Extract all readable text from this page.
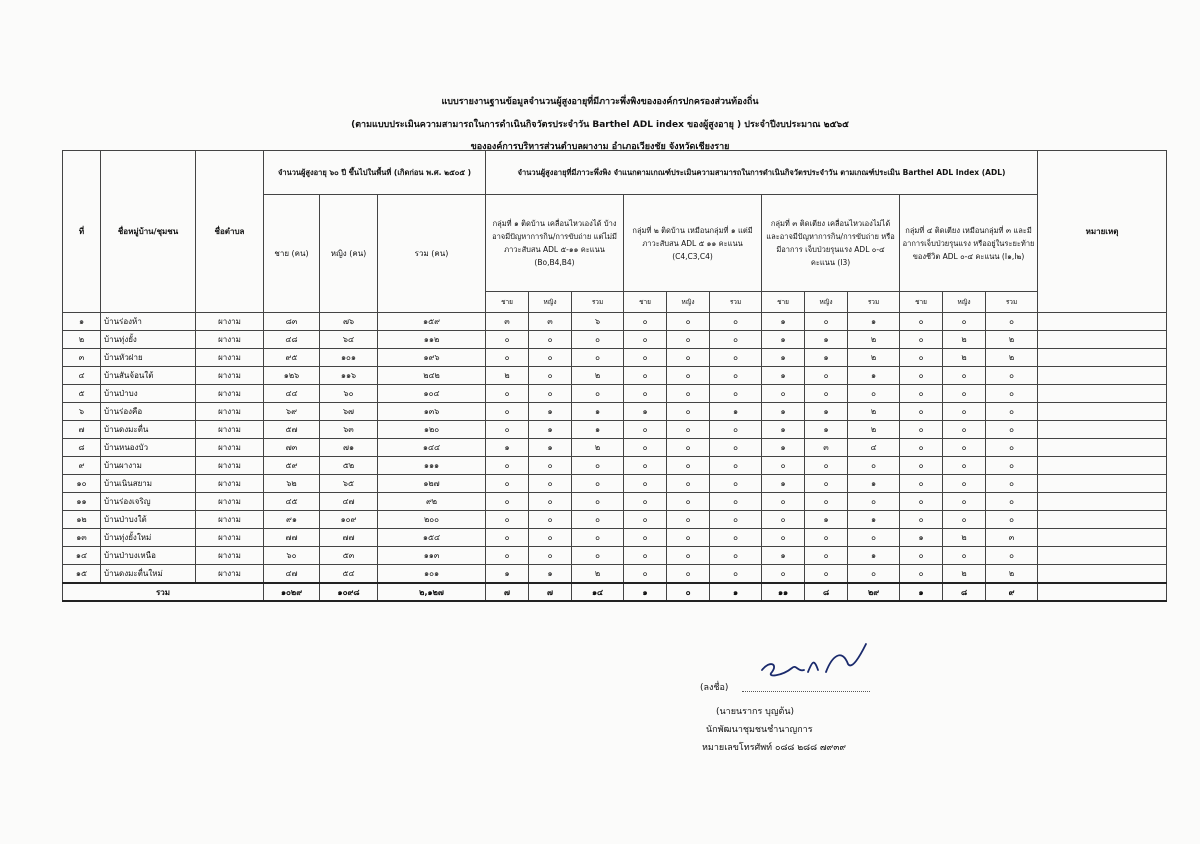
แบบรายงานฐานข้อมูลจำนวนผู้สูงอายุที่มีภาวะพึ่งพิงขององค์กรปกครองส่วนท้องถิ่น
(ตามแบบประเมินความสามารถในการดำเนินกิจวัตรประจำวัน Barthel ADL index ของผู้สูงอายุ ) ประจำปีงบประมาณ ๒๕๖๕
ขององค์การบริหารส่วนตำบลผางาม อำเภอเวียงชัย จังหวัดเชียงราย
ที่	ชื่อหมู่บ้าน/ชุมชน	ชื่อตำบล	จำนวนผู้สูงอายุ ๖๐ ปี ขึ้นไปในพื้นที่ (เกิดก่อน พ.ศ. ๒๕๐๕ )			จำนวนผู้สูงอายุที่มีภาวะพึ่งพิง จำแนกตามเกณฑ์ประเมินความสามารถในการดำเนินกิจวัตรประจำวัน ตามเกณฑ์ประเมิน Barthel ADL Index (ADL)												หมายเหตุ
			ชาย (คน)	หญิง (คน)	รวม (คน)	กลุ่มที่ ๑ ติดบ้าน เคลื่อนไหวเองได้ บ้างอาจมีปัญหาการกิน/การขับถ่าย แต่ไม่มีภาวะสับสน ADL ๕-๑๑ คะแนน (Bo,B4,B4)			กลุ่มที่ ๒ ติดบ้าน เหมือนกลุ่มที่ ๑ แต่มีภาวะสับสน ADL ๕ ๑๑ คะแนน (C4,C3,C4)			กลุ่มที่ ๓ ติดเตียง เคลื่อนไหวเองไม่ได้ และอาจมีปัญหาการกิน/การขับถ่าย หรือมีอาการ เจ็บป่วยรุนแรง ADL ๐-๔ คะแนน (I3)			กลุ่มที่ ๔ ติดเตียง เหมือนกลุ่มที่ ๓ และมีอาการเจ็บป่วยรุนแรง หรืออยู่ในระยะท้ายของชีวิต ADL ๐-๔ คะแนน (I๑,I๒)			
						ชาย	หญิง	รวม	ชาย	หญิง	รวม	ชาย	หญิง	รวม	ชาย	หญิง	รวม	
๑	บ้านร่องห้า	ผางาม	๘๓	๗๖	๑๕๙	๓	๓	๖	๐	๐	๐	๑	๐	๑	๐	๐	๐	
๒	บ้านทุ่งยั้ง	ผางาม	๔๘	๖๔	๑๑๒	๐	๐	๐	๐	๐	๐	๑	๑	๒	๐	๒	๒	
๓	บ้านหัวฝาย	ผางาม	๙๕	๑๐๑	๑๙๖	๐	๐	๐	๐	๐	๐	๑	๑	๒	๐	๒	๒	
๔	บ้านสันจ้อนใต้	ผางาม	๑๒๖	๑๑๖	๒๔๒	๒	๐	๒	๐	๐	๐	๑	๐	๑	๐	๐	๐	
๕	บ้านป่าบง	ผางาม	๔๔	๖๐	๑๐๔	๐	๐	๐	๐	๐	๐	๐	๐	๐	๐	๐	๐	
๖	บ้านร่องคือ	ผางาม	๖๙	๖๗	๑๓๖	๐	๑	๑	๑	๐	๑	๑	๑	๒	๐	๐	๐	
๗	บ้านดงมะตื่น	ผางาม	๕๗	๖๓	๑๒๐	๐	๑	๑	๐	๐	๐	๑	๑	๒	๐	๐	๐	
๘	บ้านหนองบัว	ผางาม	๗๓	๗๑	๑๔๔	๑	๑	๒	๐	๐	๐	๑	๓	๔	๐	๐	๐	
๙	บ้านผางาม	ผางาม	๕๙	๕๒	๑๑๑	๐	๐	๐	๐	๐	๐	๐	๐	๐	๐	๐	๐	
๑๐	บ้านเนินสยาม	ผางาม	๖๒	๖๕	๑๒๗	๐	๐	๐	๐	๐	๐	๑	๐	๑	๐	๐	๐	
๑๑	บ้านร่องเจริญ	ผางาม	๔๕	๔๗	๙๒	๐	๐	๐	๐	๐	๐	๐	๐	๐	๐	๐	๐	
๑๒	บ้านป่าบงใต้	ผางาม	๙๑	๑๐๙	๒๐๐	๐	๐	๐	๐	๐	๐	๐	๑	๑	๐	๐	๐	
๑๓	บ้านทุ่งยั้งใหม่	ผางาม	๗๗	๗๗	๑๕๔	๐	๐	๐	๐	๐	๐	๐	๐	๐	๑	๒	๓	
๑๔	บ้านป่าบงเหนือ	ผางาม	๖๐	๕๓	๑๑๓	๐	๐	๐	๐	๐	๐	๑	๐	๑	๐	๐	๐	
๑๕	บ้านดงมะตื่นใหม่	ผางาม	๔๗	๕๔	๑๐๑	๑	๑	๒	๐	๐	๐	๐	๐	๐	๐	๒	๒	
รวม			๑๐๒๙	๑๐๙๘	๒,๑๒๗	๗	๗	๑๔	๑	๐	๑	๑๑	๘	๒๙	๑	๘	๙	
(ลงชื่อ)
(นายนรากร บุญต้น)
นักพัฒนาชุมชนชำนาญการ
หมายเลขโทรศัพท์ ๐๘๘ ๒๘๘ ๗๙๓๙
